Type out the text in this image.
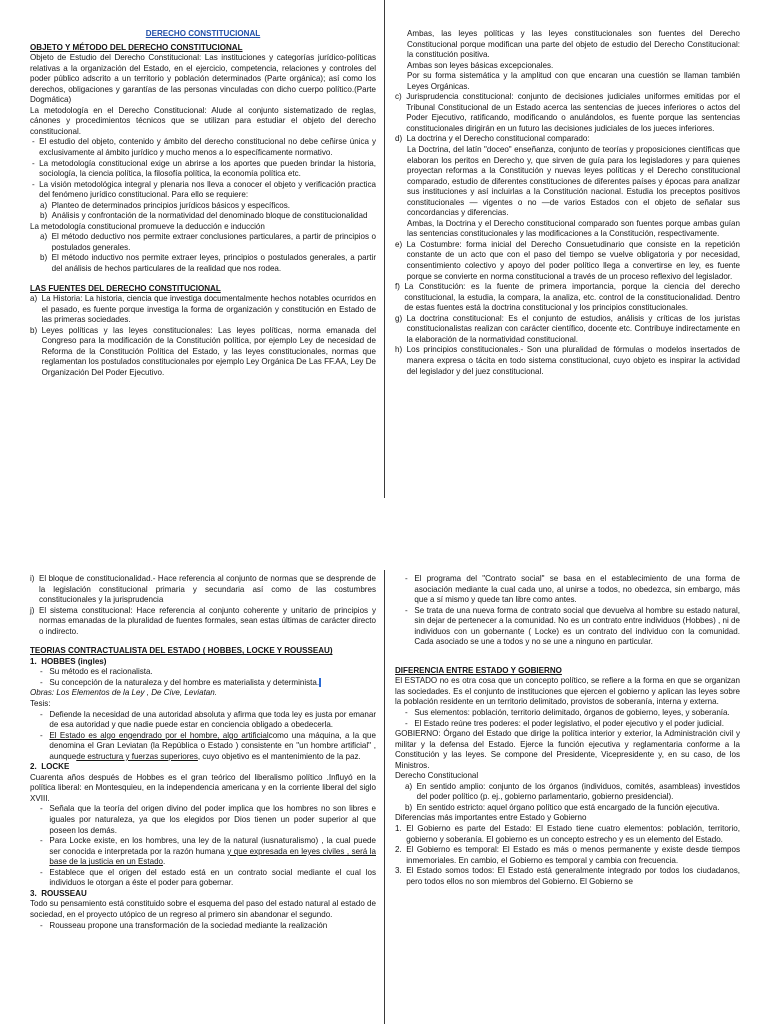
DERECHO CONSTITUCIONAL

OBJETO Y MÉTODO DEL DERECHO CONSTITUCIONAL

Objeto de Estudio del Derecho Constitucional: Las instituciones y categorías jurídico-políticas relativas a la organización del Estado, en el ejercicio, competencia, relaciones y controles del poder público adscrito a un territorio y población determinados (Parte orgánica); así como los derechos, obligaciones y garantías de las personas vinculadas con dicho cuerpo político.(Parte Dogmática)

La metodología en el Derecho Constitucional: Alude al conjunto sistematizado de reglas, cánones y procedimientos técnicos que se utilizan para estudiar el objeto del derecho constitucional.

- El estudio del objeto, contenido y ámbito del derecho constitucional no debe ceñirse única y exclusivamente al ámbito jurídico y mucho menos a lo específicamente normativo.
- La metodología constitucional exige un abrirse a los aportes que pueden brindar la historia, sociología, la ciencia política, la filosofía política, la economía política etc.
- La visión metodológica integral y plenaria nos lleva a conocer el objeto y verificación practica del fenómeno jurídico constitucional. Para ello se requiere:
a) Planteo de determinados principios jurídicos básicos y específicos.
b) Análisis y confrontación de la normatividad del denominado bloque de constitucionalidad

La metodología constitucional promueve la deducción e inducción

a) El método deductivo nos permite extraer conclusiones particulares, a partir de principios o postulados generales.
b) El método inductivo nos permite extraer leyes, principios o postulados generales, a partir del análisis de hechos particulares de la realidad que nos rodea.

LAS FUENTES DEL DERECHO CONSTITUCIONAL

a) La Historia: La historia, ciencia que investiga documentalmente hechos notables ocurridos en el pasado, es fuente porque investiga la forma de organización y constitución en Estado de las primeras sociedades.
b) Leyes políticas y las leyes constitucionales: Las leyes políticas, norma emanada del Congreso para la modificación de la Constitución política, por ejemplo Ley de necesidad de Reforma de la Constitución Política del Estado, y las leyes constitucionales, normas que reglamentan los postulados constitucionales por ejemplo Ley Orgánica De Las FF.AA, Ley De Organización Del Poder Ejecutivo.

Ambas, las leyes políticas y las leyes constitucionales son fuentes del Derecho Constitucional porque modifican una parte del objeto de estudio del Derecho Constitucional: la constitución positiva.

Ambas son leyes básicas excepcionales.

Por su forma sistemática y la amplitud con que encaran una cuestión se llaman también Leyes Orgánicas.

c) Jurisprudencia constitucional: conjunto de decisiones judiciales uniformes emitidas por el Tribunal Constitucional de un Estado acerca las sentencias de jueces inferiores o actos del Poder Ejecutivo, ratificando, modificando o anulándolos, es fuente porque las sentencias constitucionales dirigirán en un futuro las decisiones judiciales de los jueces inferiores.
d) La doctrina y el Derecho constitucional comparado:

La Doctrina, del latín "doceo" enseñanza, conjunto de teorías y proposiciones científicas que elaboran los peritos en Derecho y, que sirven de guía para los legisladores y para quienes proyectan reformas a la Constitución y nuevas leyes políticas y el Derecho constitucional comparado, estudio de diferentes constituciones de diferentes países y épocas para analizar sus instituciones y así incluirlas a la Constitución nacional. Estudia los preceptos positivos constitucionales — vigentes o no —de varios Estados con el objeto de señalar sus concordancias y diferencias.

Ambas, la Doctrina y el Derecho constitucional comparado son fuentes porque ambas guían las sentencias constitucionales y las modificaciones a la Constitución, respectivamente.

e) La Costumbre: forma inicial del Derecho Consuetudinario que consiste en la repetición constante de un acto que con el paso del tiempo se vuelve obligatoria y por necesidad, consentimiento colectivo y apoyo del poder político llega a convertirse en ley, es fuente porque se convierte en norma constitucional a través de un proceso reflexivo del legislador.
f) La Constitución: es la fuente de primera importancia, porque la ciencia del derecho constitucional, la estudia, la compara, la analiza, etc. control de la constitucionalidad. Dentro de estas fuentes está la doctrina constitucional y los principios constitucionales.
g) La doctrina constitucional: Es el conjunto de estudios, análisis y críticas de los juristas constitucionalistas realizan con carácter científico, docente etc. Contribuye indirectamente en la elaboración de la normatividad constitucional.
h) Los principios constitucionales.- Son una pluralidad de fórmulas o modelos insertados de manera expresa o tácita en todo sistema constitucional, cuyo objeto es inspirar la actividad del legislador y del juez constitucional.
i) El bloque de constitucionalidad.- Hace referencia al conjunto de normas que se desprende de la legislación constitucional primaria y secundaria así como de las costumbres constitucionales y la jurisprudencia
j) El sistema constitucional: Hace referencia al conjunto coherente y unitario de principios y normas emanadas de la pluralidad de fuentes formales, sean estas últimas de carácter directo o indirecto.

TEORIAS CONTRACTUALISTA DEL ESTADO ( HOBBES, LOCKE Y ROUSSEAU)

1. HOBBES (ingles)
- Su método es el racionalista.
- Su concepción de la naturaleza y del hombre es materialista y determinista.

Obras: Los Elementos de la Ley , De Cive, Leviatan.

Tesis:

- Defiende la necesidad de una autoridad absoluta y afirma que toda ley es justa por emanar de esa autoridad y que nadie puede estar en conciencia obligado a obedecerla.
- El Estado es algo engendrado por el hombre, algo artificialcomo una máquina, a la que denomina el Gran Leviatan (la República o Estado ) consistente en "un hombre artificial" , aunquede estructura y fuerzas superiores, cuyo objetivo es el mantenimiento de la paz.
2. LOCKE

Cuarenta años después de Hobbes es el gran teórico del liberalismo político .Influyó en la política liberal: en Montesquieu, en la independencia americana y en la corriente liberal del siglo XVIII.

- Señala que la teoría del origen divino del poder implica que los hombres no son libres e iguales por naturaleza, ya que los elegidos por Dios tienen un poder superior al que poseen los demás.
- Para Locke existe, en los hombres, una ley de la natural (iusnaturalismo) , la cual puede ser conocida e interpretada por la razón humana y que expresada en leyes civiles , será la base de la justicia en un Estado.
- Establece que el origen del estado está en un contrato social mediante el cual los individuos le otorgan a éste el poder para gobernar.
3. ROUSSEAU

Todo su pensamiento está constituido sobre el esquema del paso del estado natural al estado de sociedad, en el proyecto utópico de un regreso al primero sin abandonar el segundo.

- Rousseau propone una transformación de la sociedad mediante la realización
- El programa del "Contrato social" se basa en el establecimiento de una forma de asociación mediante la cual cada uno, al unirse a todos, no obedezca, sin embargo, más que a sí mismo y quede tan libre como antes.
- Se trata de una nueva forma de contrato social que devuelva al hombre su estado natural, sin dejar de pertenecer a la comunidad. No es un contrato entre individuos (Hobbes) , ni de individuos con un gobernante ( Locke) es un contrato del individuo con la comunidad. Cada asociado se une a todos y no se une a ninguno en particular.

DIFERENCIA ENTRE ESTADO Y GOBIERNO

El ESTADO no es otra cosa que un concepto político, se refiere a la forma en que se organizan las sociedades. Es el conjunto de instituciones que ejercen el gobierno y aplican las leyes sobre la población residente en un territorio delimitado, provistos de soberanía, interna y externa.

- Sus elementos: población, territorio delimitado, órganos de gobierno, leyes, y soberanía.
- El Estado reúne tres poderes: el poder legislativo, el poder ejecutivo y el poder judicial.

GOBIERNO: Órgano del Estado que dirige la política interior y exterior, la Administración civil y militar y la defensa del Estado. Ejerce la función ejecutiva y reglamentaria conforme a la Constitución y las leyes. Se compone del Presidente, Vicepresidente y, en su caso, de los Ministros.

Derecho Constitucional

a) En sentido amplio: conjunto de los órganos (individuos, comités, asambleas) investidos del poder político (p. ej., gobierno parlamentario, gobierno presidencial).
b) En sentido estricto: aquel órgano político que está encargado de la función ejecutiva.

Diferencias más importantes entre Estado y Gobierno

1. El Gobierno es parte del Estado: El Estado tiene cuatro elementos: población, territorio, gobierno y soberanía. El gobierno es un concepto estrecho y es un elemento del Estado.
2. El Gobierno es temporal: El Estado es más o menos permanente y existe desde tiempos inmemoriales. En cambio, el Gobierno es temporal y cambia con frecuencia.
3. El Estado somos todos: El Estado está generalmente integrado por todos los ciudadanos, pero todos ellos no son miembros del Gobierno. El Gobierno se
